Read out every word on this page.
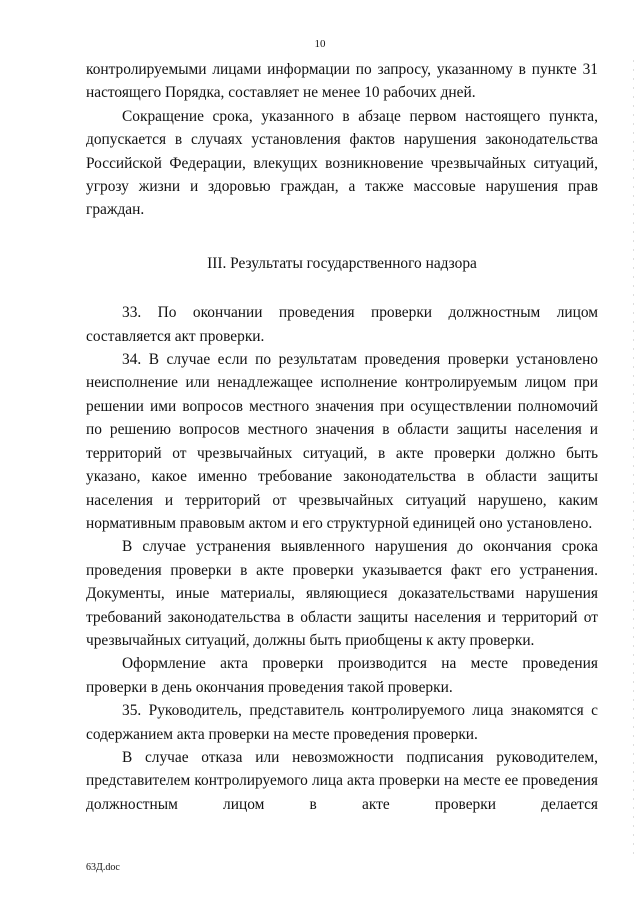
10

контролируемыми лицами информации по запросу, указанному в пункте 31 настоящего Порядка, составляет не менее 10 рабочих дней.

Сокращение срока, указанного в абзаце первом настоящего пункта, допускается в случаях установления фактов нарушения законодательства Российской Федерации, влекущих возникновение чрезвычайных ситуаций, угрозу жизни и здоровью граждан, а также массовые нарушения прав граждан.

III. Результаты государственного надзора

33. По окончании проведения проверки должностным лицом составляется акт проверки.

34. В случае если по результатам проведения проверки установлено неисполнение или ненадлежащее исполнение контролируемым лицом при решении ими вопросов местного значения при осуществлении полномочий по решению вопросов местного значения в области защиты населения и территорий от чрезвычайных ситуаций, в акте проверки должно быть указано, какое именно требование законодательства в области защиты населения и территорий от чрезвычайных ситуаций нарушено, каким нормативным правовым актом и его структурной единицей оно установлено.

В случае устранения выявленного нарушения до окончания срока проведения проверки в акте проверки указывается факт его устранения. Документы, иные материалы, являющиеся доказательствами нарушения требований законодательства в области защиты населения и территорий от чрезвычайных ситуаций, должны быть приобщены к акту проверки.

Оформление акта проверки производится на месте проведения проверки в день окончания проведения такой проверки.

35. Руководитель, представитель контролируемого лица знакомятся с содержанием акта проверки на месте проведения проверки.

В случае отказа или невозможности подписания руководителем, представителем контролируемого лица акта проверки на месте ее проведения должностным лицом в акте проверки делается

63Д.doc
